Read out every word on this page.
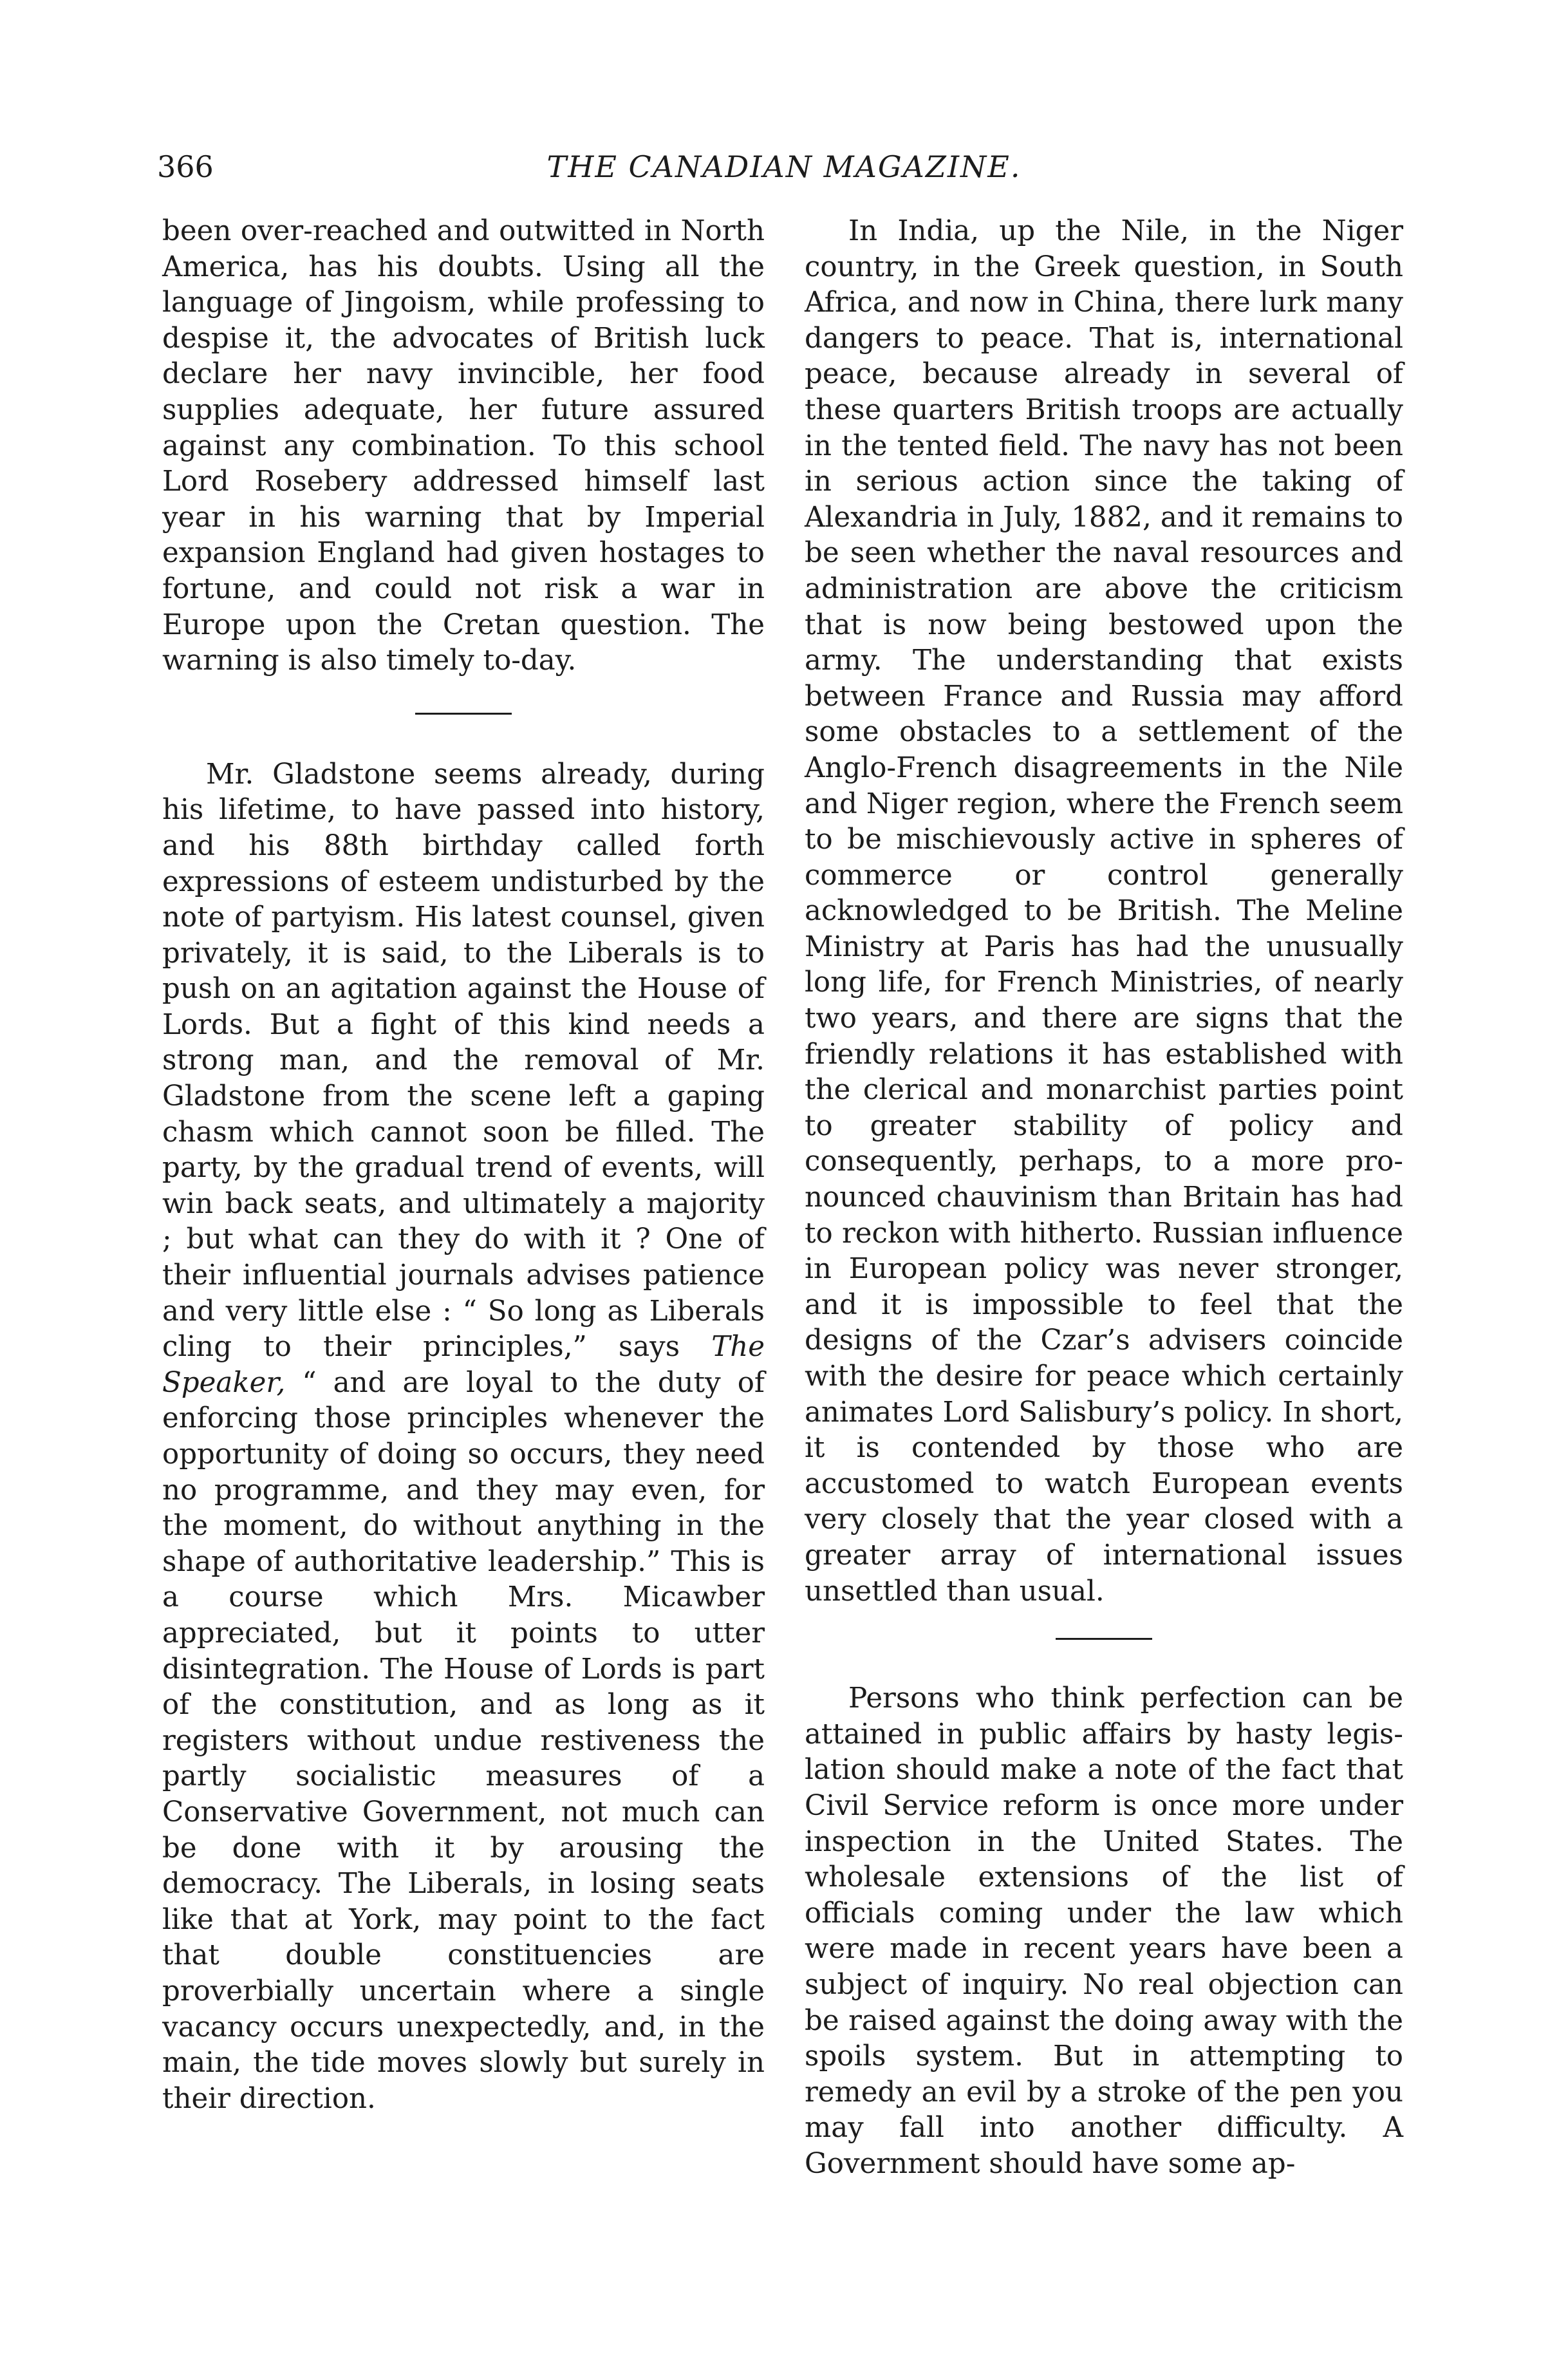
366	THE CANADIAN MAGAZINE.

been over-reached and outwitted in North America, has his doubts. Using all the language of Jingoism, while professing to despise it, the advocates of British luck declare her navy invincible, her food supplies adequate, her future assured against any combination. To this school Lord Rosebery addressed himself last year in his warning that by Imperial expansion England had given hostages to fortune, and could not risk a war in Europe upon the Cretan question. The warning is also timely to-day.

Mr. Gladstone seems already, during his lifetime, to have passed into history, and his 88th birthday called forth expressions of esteem undisturbed by the note of partyism. His latest counsel, given privately, it is said, to the Liberals is to push on an agitation against the House of Lords. But a fight of this kind needs a strong man, and the removal of Mr. Gladstone from the scene left a gaping chasm which cannot soon be filled. The party, by the gradual trend of events, will win back seats, and ultimately a majority ; but what can they do with it ? One of their influential journals advises patience and very little else : “ So long as Liberals cling to their principles,” says The Speaker, “ and are loyal to the duty of enforcing those principles whenever the opportunity of doing so occurs, they need no programme, and they may even, for the moment, do without anything in the shape of authoritative leadership.” This is a course which Mrs. Micawber appreciated, but it points to utter disintegration. The House of Lords is part of the constitution, and as long as it registers without undue restiveness the partly socialistic measures of a Conservative Government, not much can be done with it by arousing the democracy. The Liberals, in losing seats like that at York, may point to the fact that double constituencies are proverbially uncertain where a single vacancy occurs unexpectedly, and, in the main, the tide moves slowly but surely in their direction.

In India, up the Nile, in the Niger country, in the Greek question, in South Africa, and now in China, there lurk many dangers to peace. That is, international peace, because already in several of these quarters British troops are actually in the tented field. The navy has not been in serious action since the taking of Alexandria in July, 1882, and it remains to be seen whether the naval resources and administration are above the criticism that is now being bestowed upon the army. The understanding that exists between France and Russia may afford some obstacles to a settlement of the Anglo-French disagreements in the Nile and Niger region, where the French seem to be mischievously active in spheres of commerce or control generally acknowledged to be British. The Meline Ministry at Paris has had the unusually long life, for French Ministries, of nearly two years, and there are signs that the friendly relations it has established with the clerical and monarchist parties point to greater stability of policy and consequently, perhaps, to a more pronounced chauvinism than Britain has had to reckon with hitherto. Russian influence in European policy was never stronger, and it is impossible to feel that the designs of the Czar’s advisers coincide with the desire for peace which certainly animates Lord Salisbury’s policy. In short, it is contended by those who are accustomed to watch European events very closely that the year closed with a greater array of international issues unsettled than usual.

Persons who think perfection can be attained in public affairs by hasty legislation should make a note of the fact that Civil Service reform is once more under inspection in the United States. The wholesale extensions of the list of officials coming under the law which were made in recent years have been a subject of inquiry. No real objection can be raised against the doing away with the spoils system. But in attempting to remedy an evil by a stroke of the pen you may fall into another difficulty. A Government should have some ap-
